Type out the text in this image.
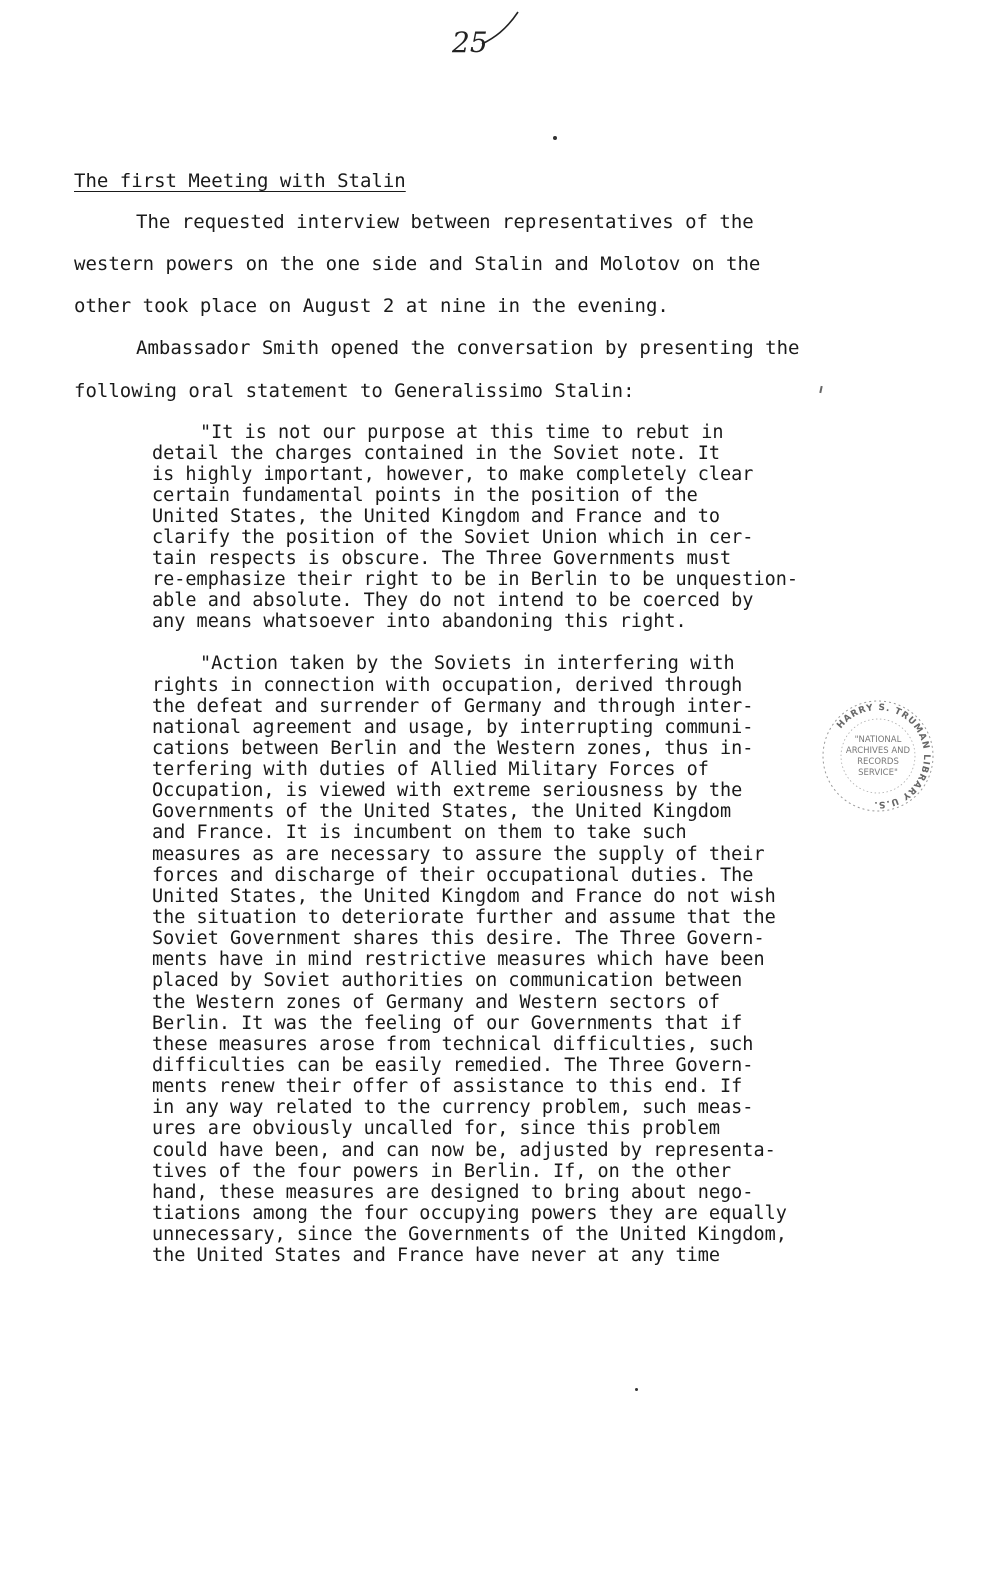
25
The first Meeting with Stalin
The requested interview between representatives of the
western powers on the one side and Stalin and Molotov on the
other took place on August 2 at nine in the evening.
Ambassador Smith opened the conversation by presenting the
following oral statement to Generalissimo Stalin:
"It is not our purpose at this time to rebut in
detail the charges contained in the Soviet note. It
is highly important, however, to make completely clear
certain fundamental points in the position of the
United States, the United Kingdom and France and to
clarify the position of the Soviet Union which in cer-
tain respects is obscure. The Three Governments must
re-emphasize their right to be in Berlin to be unquestion-
able and absolute. They do not intend to be coerced by
any means whatsoever into abandoning this right.
"Action taken by the Soviets in interfering with
rights in connection with occupation, derived through
the defeat and surrender of Germany and through inter-
national agreement and usage, by interrupting communi-
cations between Berlin and the Western zones, thus in-
terfering with duties of Allied Military Forces of
Occupation, is viewed with extreme seriousness by the
Governments of the United States, the United Kingdom
and France. It is incumbent on them to take such
measures as are necessary to assure the supply of their
forces and discharge of their occupational duties. The
United States, the United Kingdom and France do not wish
the situation to deteriorate further and assume that the
Soviet Government shares this desire. The Three Govern-
ments have in mind restrictive measures which have been
placed by Soviet authorities on communication between
the Western zones of Germany and Western sectors of
Berlin. It was the feeling of our Governments that if
these measures arose from technical difficulties, such
difficulties can be easily remedied. The Three Govern-
ments renew their offer of assistance to this end. If
in any way related to the currency problem, such meas-
ures are obviously uncalled for, since this problem
could have been, and can now be, adjusted by representa-
tives of the four powers in Berlin. If, on the other
hand, these measures are designed to bring about nego-
tiations among the four occupying powers they are equally
unnecessary, since the Governments of the United Kingdom,
the United States and France have never at any time
HARRY S. TRUMAN LIBRARY U.S.
"NATIONAL
ARCHIVES AND
RECORDS
SERVICE"
